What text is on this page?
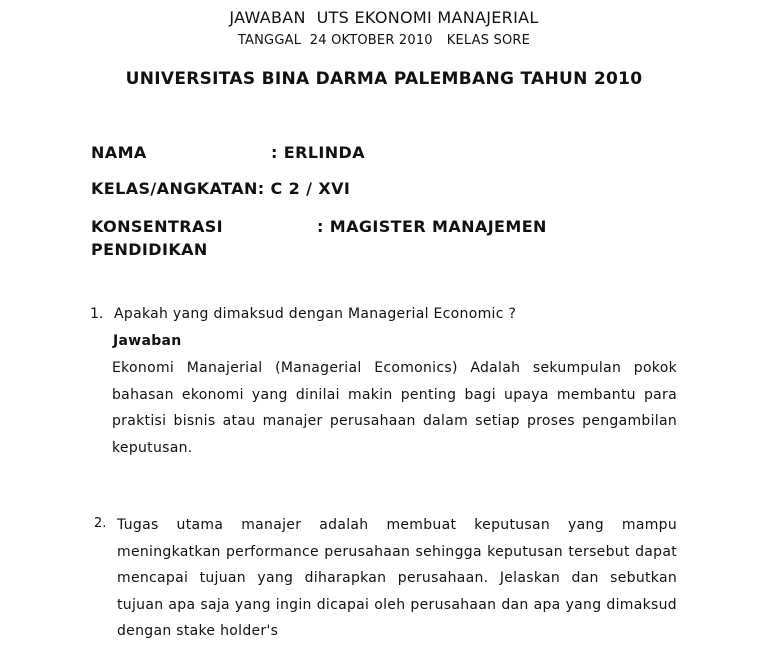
JAWABAN  UTS EKONOMI MANAJERIAL
TANGGAL  24 OKTOBER 2010 KELAS SORE
UNIVERSITAS BINA DARMA PALEMBANG TAHUN 2010
NAMA	: ERLINDA
KELAS/ANGKATAN: C 2 / XVI
KONSENTRASI
PENDIDIKAN: MAGISTER MANAJEMEN
1. Apakah yang dimaksud dengan Managerial Economic ?
Jawaban
Ekonomi Manajerial (Managerial Ecomonics) Adalah sekumpulan pokok bahasan ekonomi yang dinilai makin penting bagi upaya membantu para praktisi bisnis atau manajer perusahaan dalam setiap proses pengambilan keputusan.
2. Tugas utama manajer adalah membuat keputusan yang mampu meningkatkan performance perusahaan sehingga keputusan tersebut dapat mencapai tujuan yang diharapkan perusahaan. Jelaskan dan sebutkan tujuan apa saja yang ingin dicapai oleh perusahaan dan apa yang dimaksud dengan stake holder's
